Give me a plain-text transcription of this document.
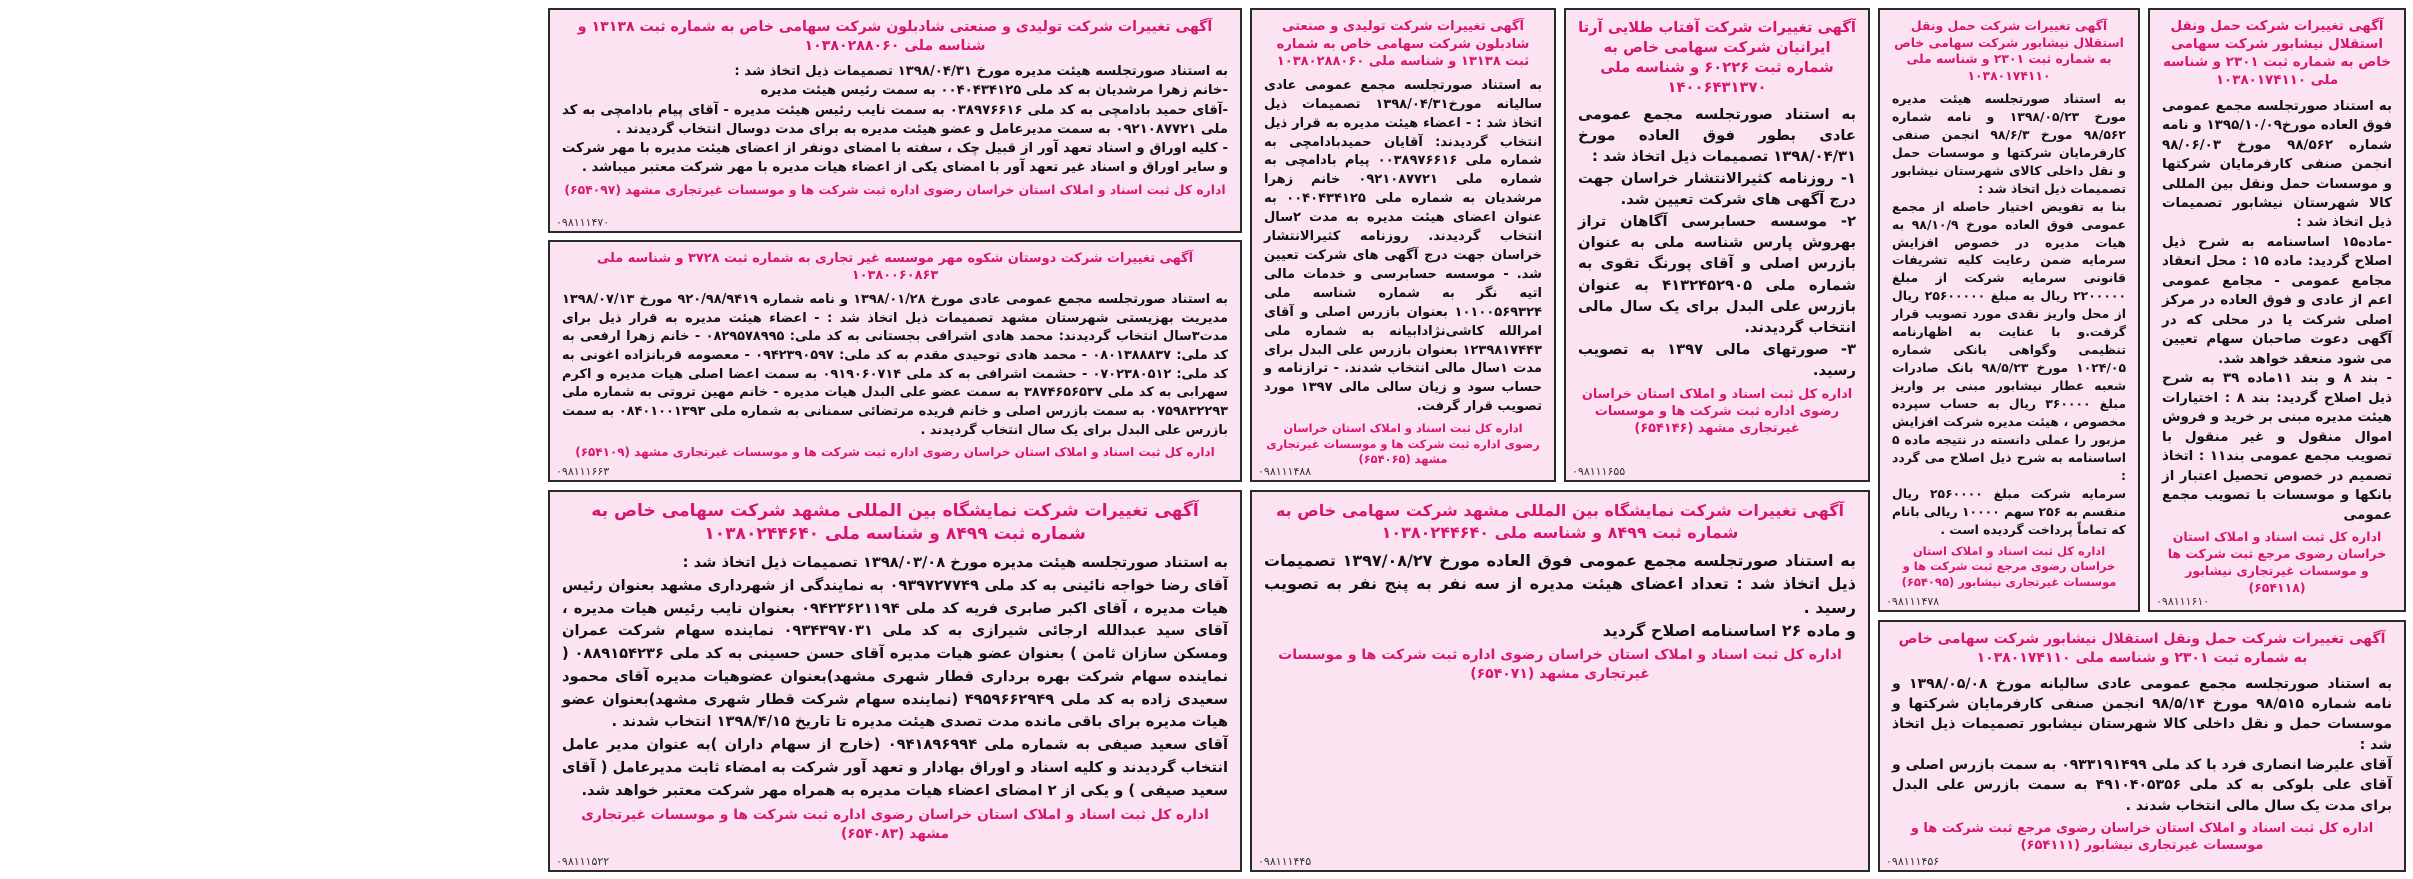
آگهی تغییرات شرکت تولیدی و صنعتی شادبلون شرکت سهامی خاص به شماره ثبت ۱۳۱۳۸ و شناسه ملی ۱۰۳۸۰۲۸۸۰۶۰

به استناد صورتجلسه هیئت مدیره مورخ ۱۳۹۸/۰۴/۳۱ تصمیمات ذیل اتخاذ شد :

-خانم زهرا مرشدیان به کد ملی ۰۰۴۰۴۳۴۱۲۵ به سمت رئیس هیئت مدیره

-آقای حمید بادامچی به کد ملی ۰۳۸۹۷۶۶۱۶ به سمت نایب رئیس هیئت مدیره - آقای پیام بادامچی به کد ملی ۰۹۲۱۰۸۷۷۲۱ به سمت مدیرعامل و عضو هیئت مدیره به برای مدت دوسال انتخاب گردیدند .

- کلیه اوراق و اسناد تعهد آور از قبیل چک ، سفته با امضای دونفر از اعضای هیئت مدیره با مهر شرکت و سایر اوراق و اسناد غیر تعهد آور با امضای یکی از اعضاء هیات مدیره با مهر شرکت معتبر میباشد .

اداره کل ثبت اسناد و املاک استان خراسان رضوی اداره ثبت شرکت ها و موسسات غیرتجاری مشهد (۶۵۴۰۹۷)
۰۹۸۱۱۱۴۷۰
آگهی تغییرات شرکت دوستان شکوه مهر موسسه غیر تجاری به شماره ثبت ۳۷۲۸ و شناسه ملی ۱۰۳۸۰۰۶۰۸۶۳

به استناد صورتجلسه مجمع عمومی عادی مورخ ۱۳۹۸/۰۱/۲۸ و نامه شماره ۹۲۰/۹۸/۹۴۱۹ مورخ ۱۳۹۸/۰۷/۱۳ مدیریت بهزیستی شهرستان مشهد تصمیمات ذیل اتخاذ شد : - اعضاء هیئت مدیره به قرار ذیل برای مدت۳سال انتخاب گردیدند: محمد هادی اشرافی بجستانی به کد ملی: ۰۸۲۹۵۷۸۹۹۵ - خانم زهرا ارفعی به کد ملی: ۰۸۰۱۳۸۸۸۳۷ - محمد هادی توحیدی مقدم به کد ملی: ۰۹۴۲۳۹۰۵۹۷ - معصومه قربانزاده اغونی به کد ملی: ۰۷۰۲۳۸۰۵۱۲ - حشمت اشرافی به کد ملی ۰۹۱۹۰۶۰۷۱۴ به سمت اعضا اصلی هیات مدیره و اکرم سهرابی به کد ملی ۳۸۷۴۶۵۶۵۳۷ به سمت عضو علی البدل هیات مدیره - خانم مهین تروتی به شماره ملی ۰۷۵۹۸۳۲۲۹۳ به سمت بازرس اصلی و خانم فریده مرتضائی سمنانی به شماره ملی ۰۸۴۰۱۰۰۱۳۹۳ به سمت بازرس علی البدل برای یک سال انتخاب گردیدند .

اداره کل ثبت اسناد و املاک استان خراسان رضوی اداره ثبت شرکت ها و موسسات غیرتجاری مشهد (۶۵۴۱۰۹)
۰۹۸۱۱۱۶۶۳
آگهی تغییرات شرکت نمایشگاه بین المللی مشهد شرکت سهامی خاص به شماره ثبت ۸۴۹۹ و شناسه ملی ۱۰۳۸۰۲۴۴۶۴۰

به استناد صورتجلسه هیئت مدیره مورخ ۱۳۹۸/۰۳/۰۸ تصمیمات ذیل اتخاذ شد :

آقای رضا خواجه نائینی به کد ملی ۰۹۳۹۷۲۷۷۴۹ به نمایندگی از شهرداری مشهد بعنوان رئیس هیات مدیره ، آقای اکبر صابری فریه کد ملی ۰۹۴۲۳۶۲۱۱۹۴ بعنوان نایب رئیس هیات مدیره ، آقای سید عبدالله ارجائی شیرازی به کد ملی ۰۹۳۴۳۹۷۰۳۱ نماینده سهام شرکت عمران ومسکن سازان ثامن ) بعنوان عضو هیات مدیره آقای حسن حسینی به کد ملی ۰۸۸۹۱۵۴۲۳۶ ( نماینده سهام شرکت بهره برداری قطار شهری مشهد)بعنوان عضوهیات مدیره آقای محمود سعیدی زاده به کد ملی ۴۹۵۹۶۶۲۹۴۹ (نماینده سهام شرکت قطار شهری مشهد)بعنوان عضو هیات مدیره برای باقی مانده مدت تصدی هیئت مدیره تا تاریخ ۱۳۹۸/۴/۱۵ انتخاب شدند .

آقای سعید صیفی به شماره ملی ۰۹۴۱۸۹۶۹۹۴ (خارج از سهام داران )به عنوان مدیر عامل انتخاب گردیدند و کلیه اسناد و اوراق بهادار و تعهد آور شرکت به امضاء ثابت مدیرعامل ( آقای سعید صیفی ) و یکی از ۲ امضای اعضاء هیات مدیره به همراه مهر شرکت معتبر خواهد شد.

اداره کل ثبت اسناد و املاک استان خراسان رضوی اداره ثبت شرکت ها و موسسات غیرتجاری مشهد (۶۵۴۰۸۳)
۰۹۸۱۱۱۵۲۲
آگهی تغییرات شرکت تولیدی و صنعتی شادبلون شرکت سهامی خاص به شماره ثبت ۱۳۱۳۸ و شناسه ملی ۱۰۳۸۰۲۸۸۰۶۰

به استناد صورتجلسه مجمع عمومی عادی سالیانه مورخ۱۳۹۸/۰۴/۳۱ تصمیمات ذیل اتخاذ شد : - اعضاء هیئت مدیره به قرار ذیل انتخاب گردیدند: آقایان حمیدبادامچی به شماره ملی ۰۰۳۸۹۷۶۶۱۶ پیام بادامچی به شماره ملی ۰۹۲۱۰۸۷۷۲۱ خانم زهرا مرشدیان به شماره ملی ۰۰۴۰۴۳۴۱۲۵ به عنوان اعضای هیئت مدیره به مدت ۲سال انتخاب گردیدند. روزنامه کثیرالانتشار خراسان جهت درج آگهی های شرکت تعیین شد. - موسسه حسابرسی و خدمات مالی اتیه نگر به شماره شناسه ملی ۱۰۱۰۰۵۶۹۳۲۴ بعنوان بازرس اصلی و آقای امرالله کاشی‌نژادابیانه به شماره ملی ۱۲۳۹۸۱۷۴۴۳ بعنوان بازرس علی البدل برای مدت ۱سال مالی انتخاب شدند. - ترازنامه و حساب سود و زیان سالی مالی ۱۳۹۷ مورد تصویب قرار گرفت.

اداره کل ثبت اسناد و املاک استان خراسان رضوی اداره ثبت شرکت ها و موسسات غیرتجاری مشهد (۶۵۴۰۶۵)
۰۹۸۱۱۱۴۸۸
آگهی تغییرات شرکت آفتاب طلایی آرتا ایرانیان شرکت سهامی خاص به شماره ثبت ۶۰۲۲۶ و شناسه ملی ۱۴۰۰۶۴۳۱۳۷۰

به استناد صورتجلسه مجمع عمومی عادی بطور فوق العاده مورخ ۱۳۹۸/۰۴/۳۱ تصمیمات ذیل اتخاذ شد :

۱- روزنامه کثیرالانتشار خراسان جهت درج آگهی های شرکت تعیین شد.

۲- موسسه حسابرسی آگاهان تراز بهروش پارس شناسه ملی به عنوان بازرس اصلی و آقای پورنگ تقوی به شماره ملی ۴۱۳۲۴۵۲۹۰۵ به عنوان بازرس علی البدل برای یک سال مالی انتخاب گردیدند.

۳- صورتهای مالی ۱۳۹۷ به تصویب رسید.

اداره کل ثبت اسناد و املاک استان خراسان رضوی اداره ثبت شرکت ها و موسسات غیرتجاری مشهد (۶۵۴۱۴۶)
۰۹۸۱۱۱۶۵۵
آگهی تغییرات شرکت نمایشگاه بین المللی مشهد شرکت سهامی خاص به شماره ثبت ۸۴۹۹ و شناسه ملی ۱۰۳۸۰۲۴۴۶۴۰

به استناد صورتجلسه مجمع عمومی فوق العاده مورخ ۱۳۹۷/۰۸/۲۷ تصمیمات ذیل اتخاذ شد : تعداد اعضای هیئت مدیره از سه نفر به پنج نفر به تصویب رسید .

و ماده ۲۶ اساسنامه اصلاح گردید

اداره کل ثبت اسناد و املاک استان خراسان رضوی اداره ثبت شرکت ها و موسسات غیرتجاری مشهد (۶۵۴۰۷۱)
۰۹۸۱۱۱۴۴۵
آگهی تغییرات شرکت حمل ونقل استقلال نیشابور شرکت سهامی خاص به شماره ثبت ۲۳۰۱ و شناسه ملی ۱۰۳۸۰۱۷۴۱۱۰

به استناد صورتجلسه هیئت مدیره مورخ ۱۳۹۸/۰۵/۲۳ و نامه شماره ۹۸/۵۶۲ مورخ ۹۸/۶/۳ انجمن صنفی کارفرمایان شرکتها و موسسات حمل و نقل داخلی کالای شهرستان نیشابور تصمیمات ذیل اتخاذ شد :

بنا به تفویض اختیار حاصله از مجمع عمومی فوق العاده مورخ ۹۸/۱۰/۹ به هیات مدیره در خصوص افزایش سرمایه ضمن رعایت کلیه تشریفات قانونی سرمایه شرکت از مبلغ ۲۲۰۰۰۰۰ ریال به مبلغ ۲۵۶۰۰۰۰۰ ریال از محل واریز نقدی مورد تصویب قرار گرفت.و با عنایت به اظهارنامه تنظیمی وگواهی بانکی شماره ۱۰۲۴/۰۵ مورخ ۹۸/۵/۲۳ بانک صادرات شعبه عطار نیشابور مبنی بر واریز مبلغ ۳۶۰۰۰۰ ریال به حساب سپرده مخصوص ، هیئت مدیره شرکت افزایش مزبور را عملی دانسته در نتیجه ماده ۵ اساسنامه به شرح ذیل اصلاح می گردد :

سرمایه شرکت مبلغ ۲۵۶۰۰۰۰ ریال منقسم به ۲۵۶ سهم ۱۰۰۰۰ ریالی بانام که تماماً پرداخت گردیده است .

اداره کل ثبت اسناد و املاک استان خراسان رضوی مرجع ثبت شرکت ها و موسسات غیرتجاری نیشابور (۶۵۴۰۹۵)
۰۹۸۱۱۱۴۷۸
آگهی تغییرات شرکت حمل ونقل استقلال نیشابور شرکت سهامی خاص به شماره ثبت ۲۳۰۱ و شناسه ملی ۱۰۳۸۰۱۷۴۱۱۰

به استناد صورتجلسه مجمع عمومی فوق العاده مورخ۱۳۹۵/۱۰/۰۹ و نامه شماره ۹۸/۵۶۲ مورخ ۹۸/۰۶/۰۳ انجمن صنفی کارفرمایان شرکتها و موسسات حمل ونقل بین المللی کالا شهرستان نیشابور تصمیمات ذیل اتخاذ شد :

-ماده۱۵ اساسنامه به شرح ذیل اصلاح گردید: ماده ۱۵ : محل انعقاد مجامع عمومی - مجامع عمومی اعم از عادی و فوق العاده در مرکز اصلی شرکت یا در محلی که در آگهی دعوت صاحبان سهام تعیین می شود منعقد خواهد شد.

- بند ۸ و بند ۱۱ماده ۳۹ به شرح ذیل اصلاح گردید: بند ۸ : اختیارات هیئت مدیره مبنی بر خرید و فروش اموال منقول و غیر منقول با تصویب مجمع عمومی بند۱۱ : اتخاذ تصمیم در خصوص تحصیل اعتبار از بانکها و موسسات با تصویب مجمع عمومی

اداره کل ثبت اسناد و املاک استان خراسان رضوی مرجع ثبت شرکت ها و موسسات غیرتجاری نیشابور (۶۵۴۱۱۸)
۰۹۸۱۱۱۶۱۰
آگهی تغییرات شرکت حمل ونقل استقلال نیشابور شرکت سهامی خاص به شماره ثبت ۲۳۰۱ و شناسه ملی ۱۰۳۸۰۱۷۴۱۱۰

به استناد صورتجلسه مجمع عمومی عادی سالیانه مورخ ۱۳۹۸/۰۵/۰۸ و نامه شماره ۹۸/۵۱۵ مورخ ۹۸/۵/۱۴ انجمن صنفی کارفرمایان شرکتها و موسسات حمل و نقل داخلی کالا شهرستان نیشابور تصمیمات ذیل اتخاذ شد :

آقای علیرضا انصاری فرد با کد ملی ۰۹۳۳۱۹۱۴۹۹ به سمت بازرس اصلی و آقای علی بلوکی به کد ملی ۴۹۱۰۴۰۵۳۵۶ به سمت بازرس علی البدل برای مدت یک سال مالی انتخاب شدند .

اداره کل ثبت اسناد و املاک استان خراسان رضوی مرجع ثبت شرکت ها و موسسات غیرتجاری نیشابور (۶۵۴۱۱۱)
۰۹۸۱۱۱۴۵۶
